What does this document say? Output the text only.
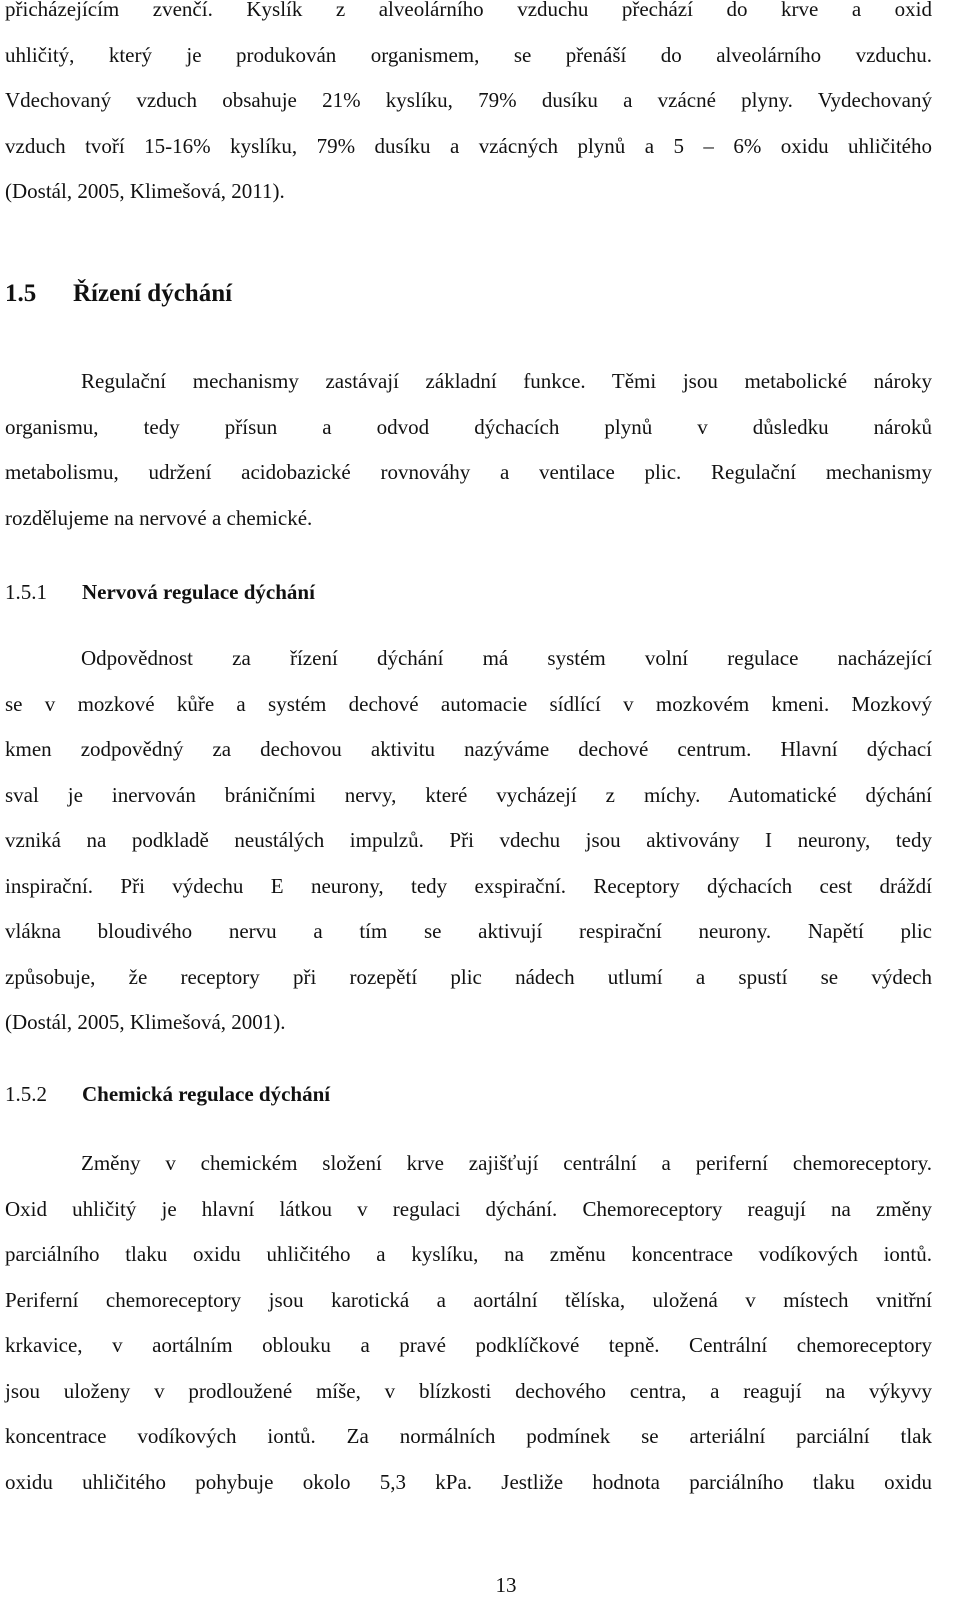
přicházejícím zvenčí. Kyslík z alveolárního vzduchu přechází do krve a oxid
uhličitý, který je produkován organismem, se přenáší do alveolárního vzduchu.
Vdechovaný vzduch obsahuje 21% kyslíku, 79% dusíku a vzácné plyny. Vydechovaný
vzduch tvoří 15-16% kyslíku, 79% dusíku a vzácných plynů a 5 – 6% oxidu uhličitého
(Dostál, 2005, Klimešová, 2011).

1.5 Řízení dýchání

Regulační mechanismy zastávají základní funkce. Těmi jsou metabolické nároky
organismu, tedy přísun a odvod dýchacích plynů v důsledku nároků
metabolismu, udržení acidobazické rovnováhy a ventilace plic. Regulační mechanismy
rozdělujeme na nervové a chemické.

1.5.1 Nervová regulace dýchání

Odpovědnost za řízení dýchání má systém volní regulace nacházející
se v mozkové kůře a systém dechové automacie sídlící v mozkovém kmeni. Mozkový
kmen zodpovědný za dechovou aktivitu nazýváme dechové centrum. Hlavní dýchací
sval je inervován bráničními nervy, které vycházejí z míchy. Automatické dýchání
vzniká na podkladě neustálých impulzů. Při vdechu jsou aktivovány I neurony, tedy
inspirační. Při výdechu E neurony, tedy exspirační. Receptory dýchacích cest dráždí
vlákna bloudivého nervu a tím se aktivují respirační neurony. Napětí plic
způsobuje, že receptory při rozepětí plic nádech utlumí a spustí se výdech
(Dostál, 2005, Klimešová, 2001).

1.5.2 Chemická regulace dýchání

Změny v chemickém složení krve zajišťují centrální a periferní chemoreceptory.
Oxid uhličitý je hlavní látkou v regulaci dýchání. Chemoreceptory reagují na změny
parciálního tlaku oxidu uhličitého a kyslíku, na změnu koncentrace vodíkových iontů.
Periferní chemoreceptory jsou karotická a aortální tělíska, uložená v místech vnitřní
krkavice, v aortálním oblouku a pravé podklíčkové tepně. Centrální chemoreceptory
jsou uloženy v prodloužené míše, v blízkosti dechového centra, a reagují na výkyvy
koncentrace vodíkových iontů. Za normálních podmínek se arteriální parciální tlak
oxidu uhličitého pohybuje okolo 5,3 kPa. Jestliže hodnota parciálního tlaku oxidu

13
